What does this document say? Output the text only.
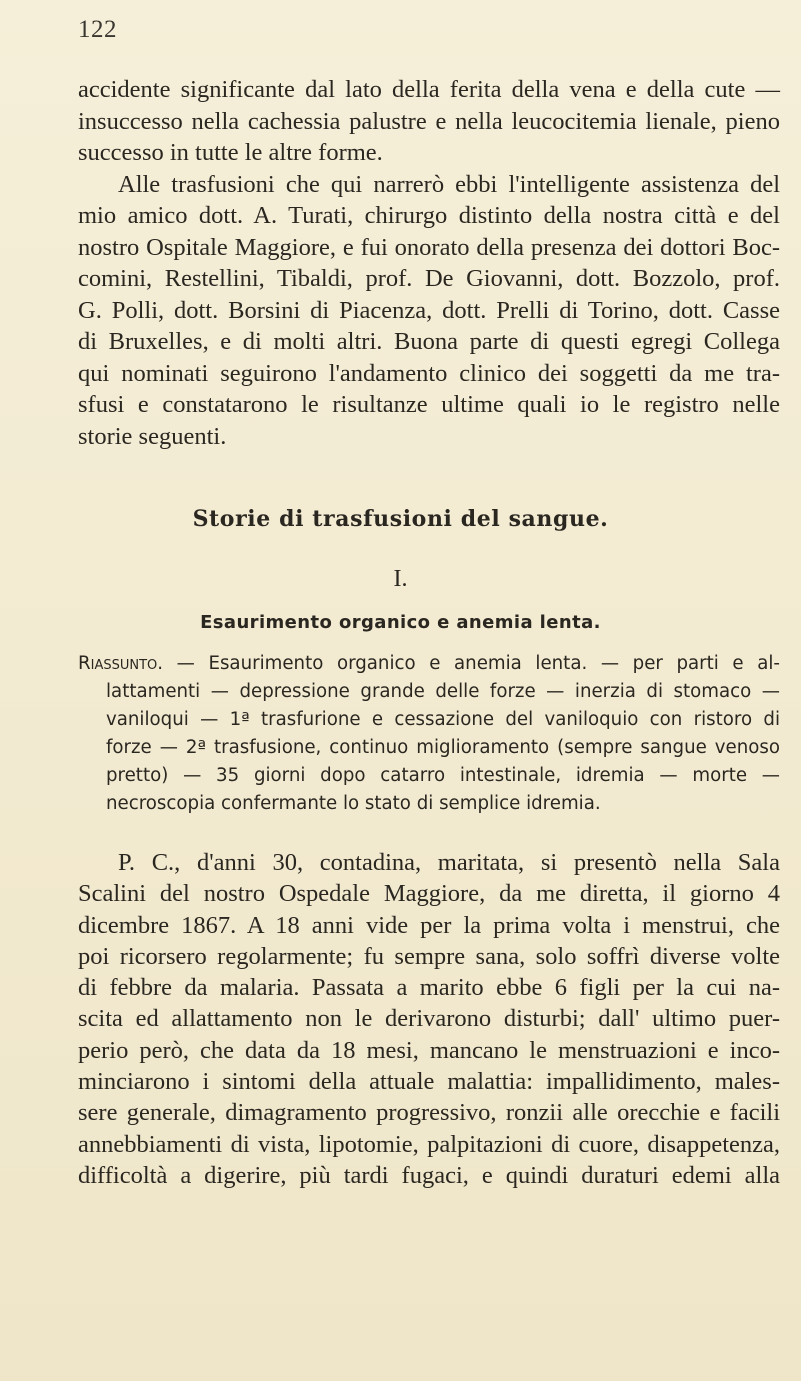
122
accidente significante dal lato della ferita della vena e della cute —
insuccesso nella cachessia palustre e nella leucocitemia lienale, pieno
successo in tutte le altre forme.
Alle trasfusioni che qui narrerò ebbi l'intelligente assistenza del
mio amico dott. A. Turati, chirurgo distinto della nostra città e del
nostro Ospitale Maggiore, e fui onorato della presenza dei dottori Boc-
comini, Restellini, Tibaldi, prof. De Giovanni, dott. Bozzolo, prof.
G. Polli, dott. Borsini di Piacenza, dott. Prelli di Torino, dott. Casse
di Bruxelles, e di molti altri. Buona parte di questi egregi Collega
qui nominati seguirono l'andamento clinico dei soggetti da me tra-
sfusi e constatarono le risultanze ultime quali io le registro nelle
storie seguenti.
Storie di trasfusioni del sangue.
I.
Esaurimento organico e anemia lenta.
Riassunto. — Esaurimento organico e anemia lenta. — per parti e al-
lattamenti — depressione grande delle forze — inerzia di stomaco —
vaniloqui — 1ª trasfurione e cessazione del vaniloquio con ristoro di
forze — 2ª trasfusione, continuo miglioramento (sempre sangue venoso
pretto) — 35 giorni dopo catarro intestinale, idremia — morte —
necroscopia confermante lo stato di semplice idremia.
P. C., d'anni 30, contadina, maritata, si presentò nella Sala
Scalini del nostro Ospedale Maggiore, da me diretta, il giorno 4
dicembre 1867. A 18 anni vide per la prima volta i menstrui, che
poi ricorsero regolarmente; fu sempre sana, solo soffrì diverse volte
di febbre da malaria. Passata a marito ebbe 6 figli per la cui na-
scita ed allattamento non le derivarono disturbi; dall' ultimo puer-
perio però, che data da 18 mesi, mancano le menstruazioni e inco-
minciarono i sintomi della attuale malattia: impallidimento, males-
sere generale, dimagramento progressivo, ronzii alle orecchie e facili
annebbiamenti di vista, lipotomie, palpitazioni di cuore, disappetenza,
difficoltà a digerire, più tardi fugaci, e quindi duraturi edemi alla
